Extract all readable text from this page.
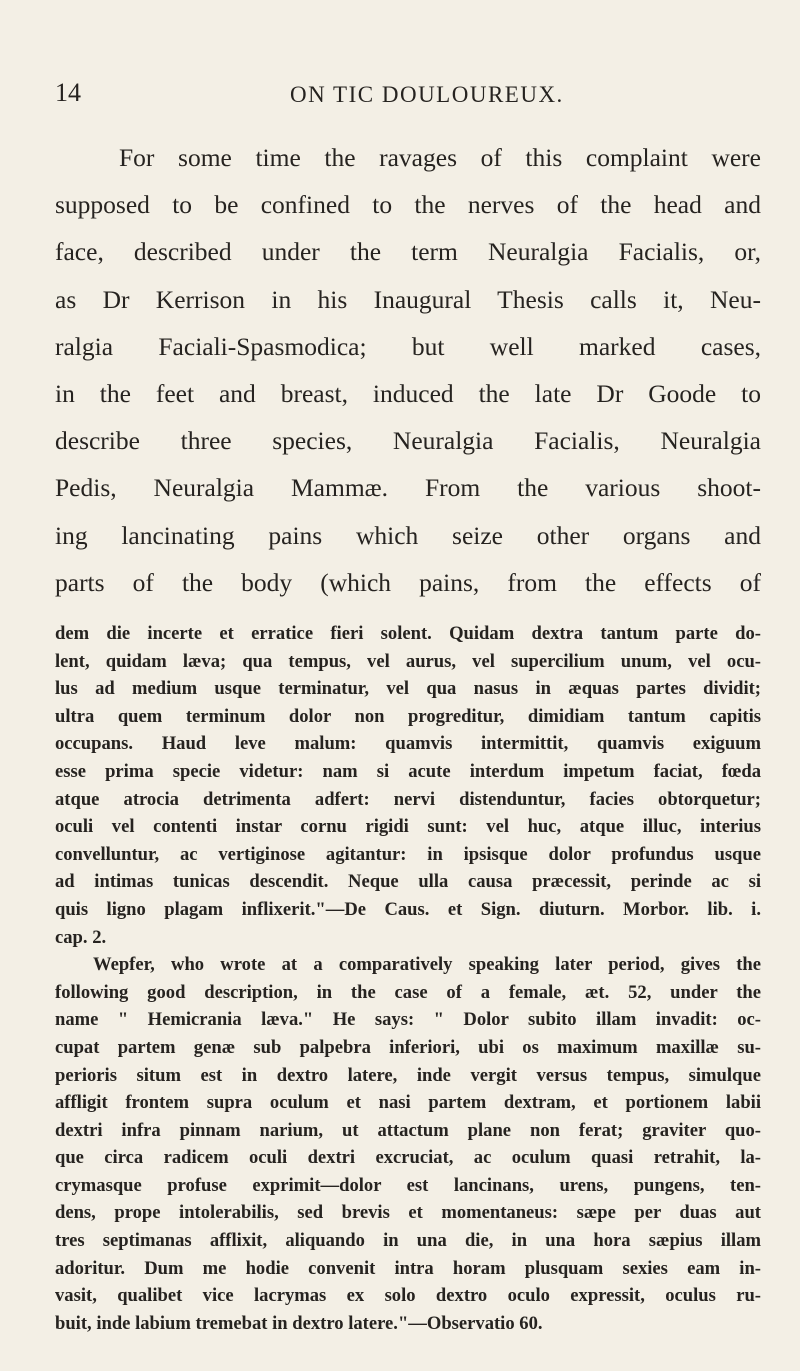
14	ON TIC DOULOUREUX.
For some time the ravages of this complaint were
supposed to be confined to the nerves of the head and
face, described under the term Neuralgia Facialis, or,
as Dr Kerrison in his Inaugural Thesis calls it, Neu-
ralgia Faciali-Spasmodica; but well marked cases,
in the feet and breast, induced the late Dr Goode to
describe three species, Neuralgia Facialis, Neuralgia
Pedis, Neuralgia Mammæ. From the various shoot-
ing lancinating pains which seize other organs and
parts of the body (which pains, from the effects of
dem die incerte et erratice fieri solent. Quidam dextra tantum parte do-
lent, quidam læva; qua tempus, vel aurus, vel supercilium unum, vel ocu-
lus ad medium usque terminatur, vel qua nasus in æquas partes dividit;
ultra quem terminum dolor non progreditur, dimidiam tantum capitis
occupans. Haud leve malum: quamvis intermittit, quamvis exiguum
esse prima specie videtur: nam si acute interdum impetum faciat, fœda
atque atrocia detrimenta adfert: nervi distenduntur, facies obtorquetur;
oculi vel contenti instar cornu rigidi sunt: vel huc, atque illuc, interius
convelluntur, ac vertiginose agitantur: in ipsisque dolor profundus usque
ad intimas tunicas descendit. Neque ulla causa præcessit, perinde ac si
quis ligno plagam inflixerit."—De Caus. et Sign. diuturn. Morbor. lib. i.
cap. 2.
Wepfer, who wrote at a comparatively speaking later period, gives the
following good description, in the case of a female, æt. 52, under the
name " Hemicrania læva." He says: " Dolor subito illam invadit: oc-
cupat partem genæ sub palpebra inferiori, ubi os maximum maxillæ su-
perioris situm est in dextro latere, inde vergit versus tempus, simulque
affligit frontem supra oculum et nasi partem dextram, et portionem labii
dextri infra pinnam narium, ut attactum plane non ferat; graviter quo-
que circa radicem oculi dextri excruciat, ac oculum quasi retrahit, la-
crymasque profuse exprimit—dolor est lancinans, urens, pungens, ten-
dens, prope intolerabilis, sed brevis et momentaneus: sæpe per duas aut
tres septimanas afflixit, aliquando in una die, in una hora sæpius illam
adoritur. Dum me hodie convenit intra horam plusquam sexies eam in-
vasit, qualibet vice lacrymas ex solo dextro oculo expressit, oculus ru-
buit, inde labium tremebat in dextro latere."—Observatio 60.
